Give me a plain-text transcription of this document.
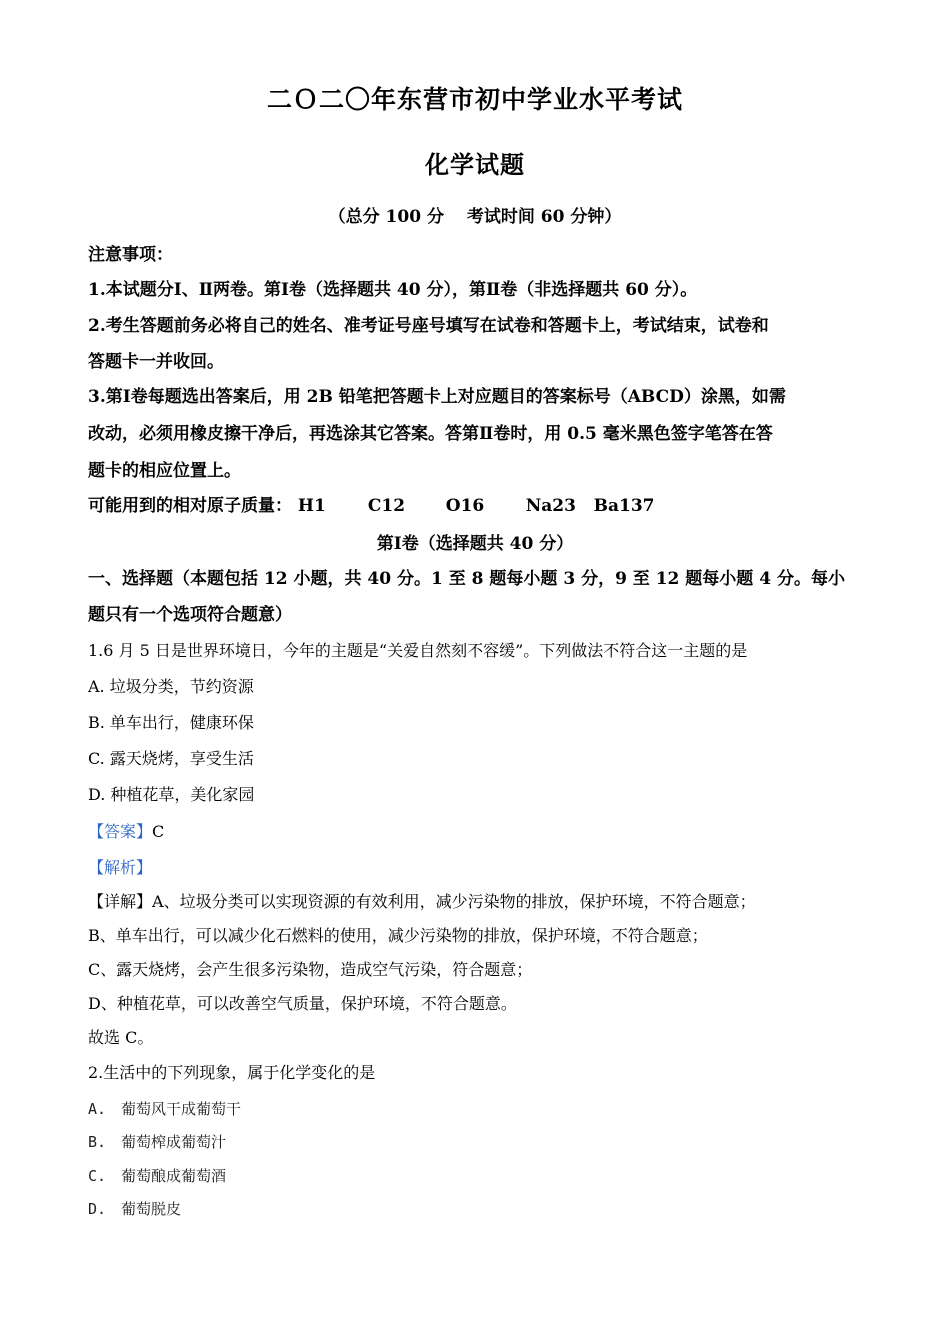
二Ｏ二〇年东营市初中学业水平考试
化学试题
（总分 100 分　 考试时间 60 分钟）
注意事项：
1.本试题分Ⅰ、Ⅱ两卷。第Ⅰ卷（选择题共 40 分），第Ⅱ卷（非选择题共 60 分）。
2.考生答题前务必将自己的姓名、准考证号座号填写在试卷和答题卡上，考试结束，试卷和
答题卡一并收回。
3.第Ⅰ卷每题选出答案后，用 2B 铅笔把答题卡上对应题目的答案标号（ABCD）涂黑，如需
改动，必须用橡皮擦干净后，再选涂其它答案。答第Ⅱ卷时，用 0.5 毫米黑色签字笔答在答
题卡的相应位置上。
可能用到的相对原子质量： H1 C12 O16 Na23 Ba137
第Ⅰ卷（选择题共 40 分）
一、选择题（本题包括 12 小题，共 40 分。1 至 8 题每小题 3 分，9 至 12 题每小题 4 分。每小
题只有一个选项符合题意）
1.6 月 5 日是世界环境日，今年的主题是“关爱自然刻不容缓”。下列做法不符合这一主题的是
A. 垃圾分类，节约资源
B. 单车出行，健康环保
C. 露天烧烤，享受生活
D. 种植花草，美化家园
【答案】C
【解析】
【详解】A、垃圾分类可以实现资源的有效利用，减少污染物的排放，保护环境，不符合题意；
B、单车出行，可以减少化石燃料的使用，减少污染物的排放，保护环境，不符合题意；
C、露天烧烤，会产生很多污染物，造成空气污染，符合题意；
D、种植花草，可以改善空气质量，保护环境，不符合题意。
故选 C。
2.生活中的下列现象，属于化学变化的是
A.　葡萄风干成葡萄干
B.　葡萄榨成葡萄汁
C.　葡萄酿成葡萄酒
D.　葡萄脱皮
